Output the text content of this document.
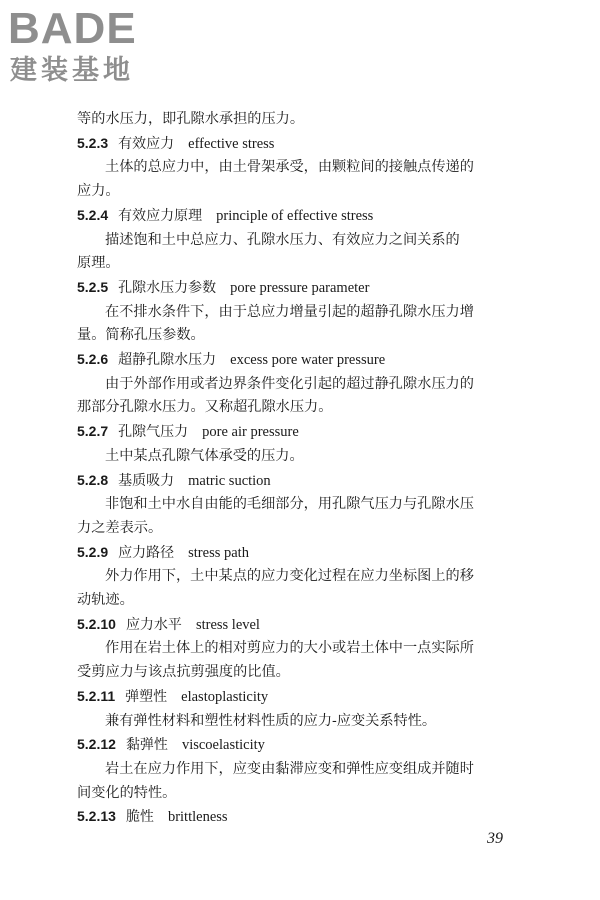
BADE
建装基地
等的水压力，即孔隙水承担的压力。
5.2.3 有效应力 effective stress
土体的总应力中，由土骨架承受，由颗粒间的接触点传递的
应力。
5.2.4 有效应力原理 principle of effective stress
描述饱和土中总应力、孔隙水压力、有效应力之间关系的
原理。
5.2.5 孔隙水压力参数 pore pressure parameter
在不排水条件下，由于总应力增量引起的超静孔隙水压力增
量。简称孔压参数。
5.2.6 超静孔隙水压力 excess pore water pressure
由于外部作用或者边界条件变化引起的超过静孔隙水压力的
那部分孔隙水压力。又称超孔隙水压力。
5.2.7 孔隙气压力 pore air pressure
土中某点孔隙气体承受的压力。
5.2.8 基质吸力 matric suction
非饱和土中水自由能的毛细部分，用孔隙气压力与孔隙水压
力之差表示。
5.2.9 应力路径 stress path
外力作用下，土中某点的应力变化过程在应力坐标图上的移
动轨迹。
5.2.10 应力水平 stress level
作用在岩土体上的相对剪应力的大小或岩土体中一点实际所
受剪应力与该点抗剪强度的比值。
5.2.11 弹塑性 elastoplasticity
兼有弹性材料和塑性材料性质的应力-应变关系特性。
5.2.12 黏弹性 viscoelasticity
岩土在应力作用下，应变由黏滞应变和弹性应变组成并随时
间变化的特性。
5.2.13 脆性 brittleness
39
